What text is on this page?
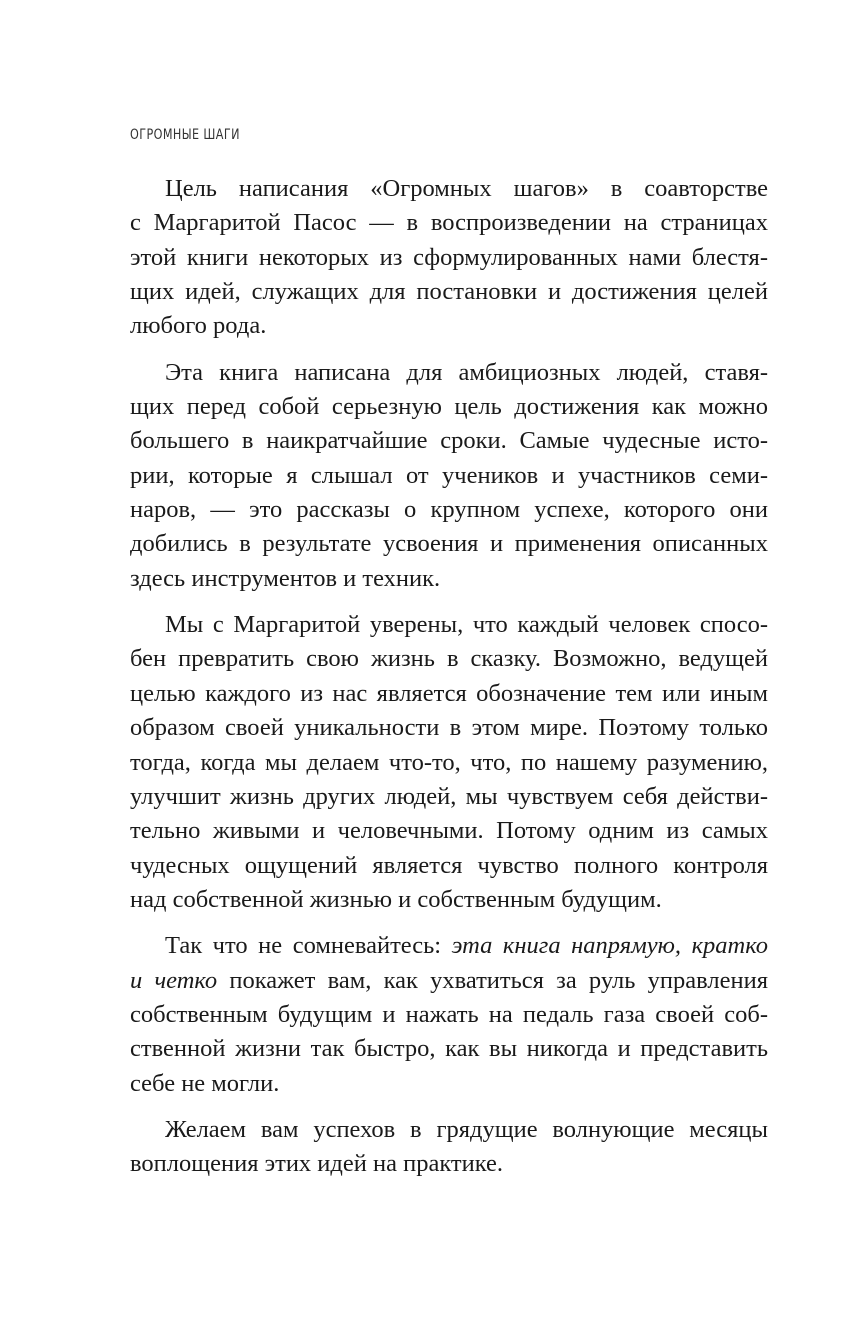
ОГРОМНЫЕ ШАГИ
Цель написания «Огромных шагов» в соавторстве
с Маргаритой Пасос — в воспроизведении на страницах
этой книги некоторых из сформулированных нами блестя-
щих идей, служащих для постановки и достижения целей
любого рода.
Эта книга написана для амбициозных людей, ставя-
щих перед собой серьезную цель достижения как можно
большего в наикратчайшие сроки. Самые чудесные исто-
рии, которые я слышал от учеников и участников семи-
наров, — это рассказы о крупном успехе, которого они
добились в результате усвоения и применения описанных
здесь инструментов и техник.
Мы с Маргаритой уверены, что каждый человек спосо-
бен превратить свою жизнь в сказку. Возможно, ведущей
целью каждого из нас является обозначение тем или иным
образом своей уникальности в этом мире. Поэтому только
тогда, когда мы делаем что-то, что, по нашему разумению,
улучшит жизнь других людей, мы чувствуем себя действи-
тельно живыми и человечными. Потому одним из самых
чудесных ощущений является чувство полного контроля
над собственной жизнью и собственным будущим.
Так что не сомневайтесь: эта книга напрямую, кратко
и четко покажет вам, как ухватиться за руль управления
собственным будущим и нажать на педаль газа своей соб-
ственной жизни так быстро, как вы никогда и представить
себе не могли.
Желаем вам успехов в грядущие волнующие месяцы
воплощения этих идей на практике.
